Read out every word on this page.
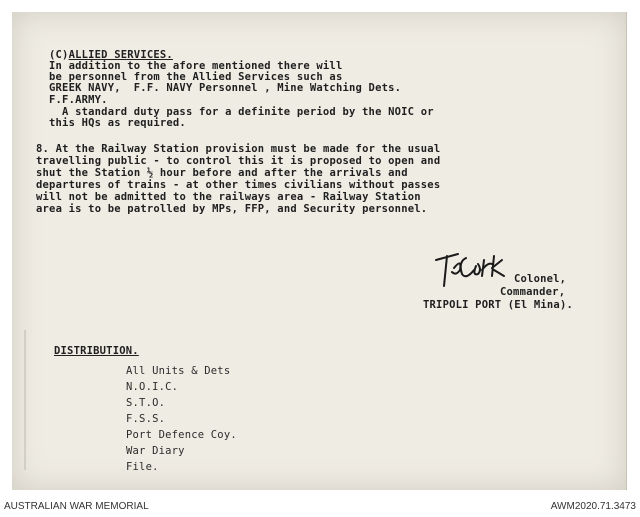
(C)ALLIED SERVICES.
In addition to the afore mentioned there will
be personnel from the Allied Services such as
GREEK NAVY,  F.F. NAVY Personnel , Mine Watching Dets.
F.F.ARMY.
A standard duty pass for a definite period by the NOIC or
this HQs as required.
8. At the Railway Station provision must be made for the usual
travelling public - to control this it is proposed to open and
shut the Station ½ hour before and after the arrivals and
departures of trains - at other times civilians without passes
will not be admitted to the railways area - Railway Station
area is to be patrolled by MPs, FFP, and Security personnel.
Colonel,
Commander,
TRIPOLI PORT (El Mina).
DISTRIBUTION.
All Units & Dets
N.O.I.C.
S.T.O.
F.S.S.
Port Defence Coy.
War Diary
File.
AUSTRALIAN WAR MEMORIAL	AWM2020.71.3473
